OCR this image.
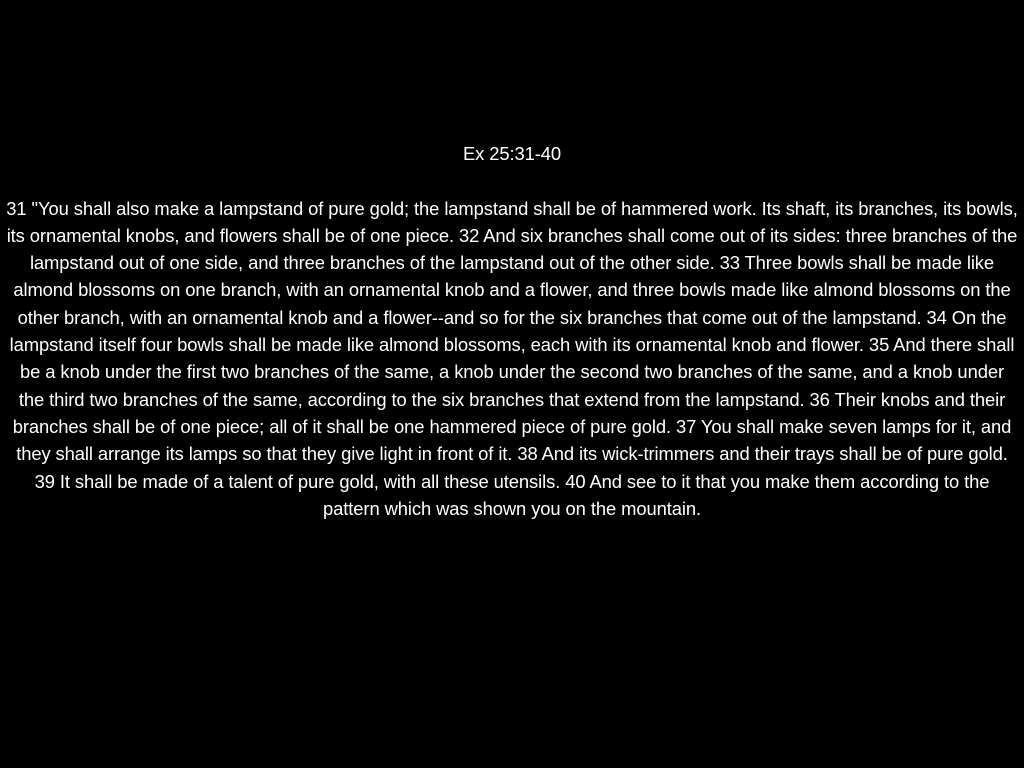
Ex 25:31-40
31 "You shall also make a lampstand of pure gold; the lampstand shall be of hammered work. Its shaft, its branches, its bowls, its ornamental knobs, and flowers shall be of one piece. 32 And six branches shall come out of its sides: three branches of the lampstand out of one side, and three branches of the lampstand out of the other side. 33 Three bowls shall be made like almond blossoms on one branch, with an ornamental knob and a flower, and three bowls made like almond blossoms on the other branch, with an ornamental knob and a flower--and so for the six branches that come out of the lampstand. 34 On the lampstand itself four bowls shall be made like almond blossoms, each with its ornamental knob and flower. 35 And there shall be a knob under the first two branches of the same, a knob under the second two branches of the same, and a knob under the third two branches of the same, according to the six branches that extend from the lampstand. 36 Their knobs and their branches shall be of one piece; all of it shall be one hammered piece of pure gold. 37 You shall make seven lamps for it, and they shall arrange its lamps so that they give light in front of it. 38 And its wick-trimmers and their trays shall be of pure gold. 39 It shall be made of a talent of pure gold, with all these utensils. 40 And see to it that you make them according to the pattern which was shown you on the mountain.
